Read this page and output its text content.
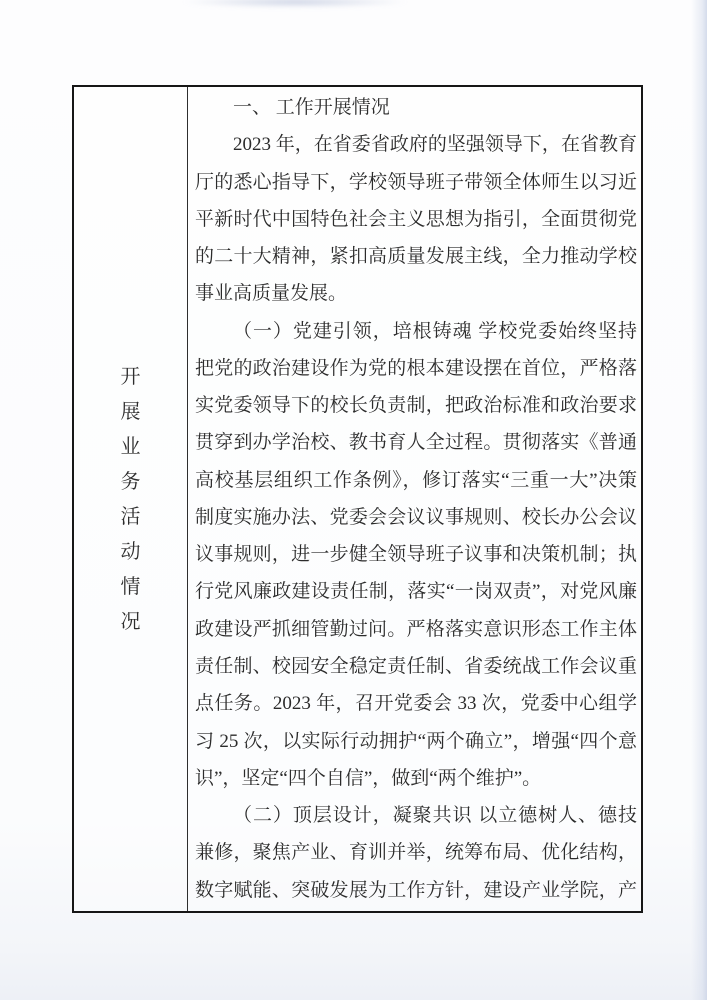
开
展
业
务
活
动
情
况
一、 工作开展情况
2023 年，在省委省政府的坚强领导下，在省教育
厅的悉心指导下，学校领导班子带领全体师生以习近
平新时代中国特色社会主义思想为指引，全面贯彻党
的二十大精神，紧扣高质量发展主线，全力推动学校
事业高质量发展。
（一）党建引领，培根铸魂 学校党委始终坚持
把党的政治建设作为党的根本建设摆在首位，严格落
实党委领导下的校长负责制，把政治标准和政治要求
贯穿到办学治校、教书育人全过程。贯彻落实《普通
高校基层组织工作条例》，修订落实“三重一大”决策
制度实施办法、党委会会议议事规则、校长办公会议
议事规则，进一步健全领导班子议事和决策机制；执
行党风廉政建设责任制，落实“一岗双责”，对党风廉
政建设严抓细管勤过问。严格落实意识形态工作主体
责任制、校园安全稳定责任制、省委统战工作会议重
点任务。2023 年，召开党委会 33 次，党委中心组学
习 25 次，以实际行动拥护“两个确立”，增强“四个意
识”，坚定“四个自信”，做到“两个维护”。
（二）顶层设计，凝聚共识 以立德树人、德技
兼修，聚焦产业、育训并举，统筹布局、优化结构，
数字赋能、突破发展为工作方针，建设产业学院，产
